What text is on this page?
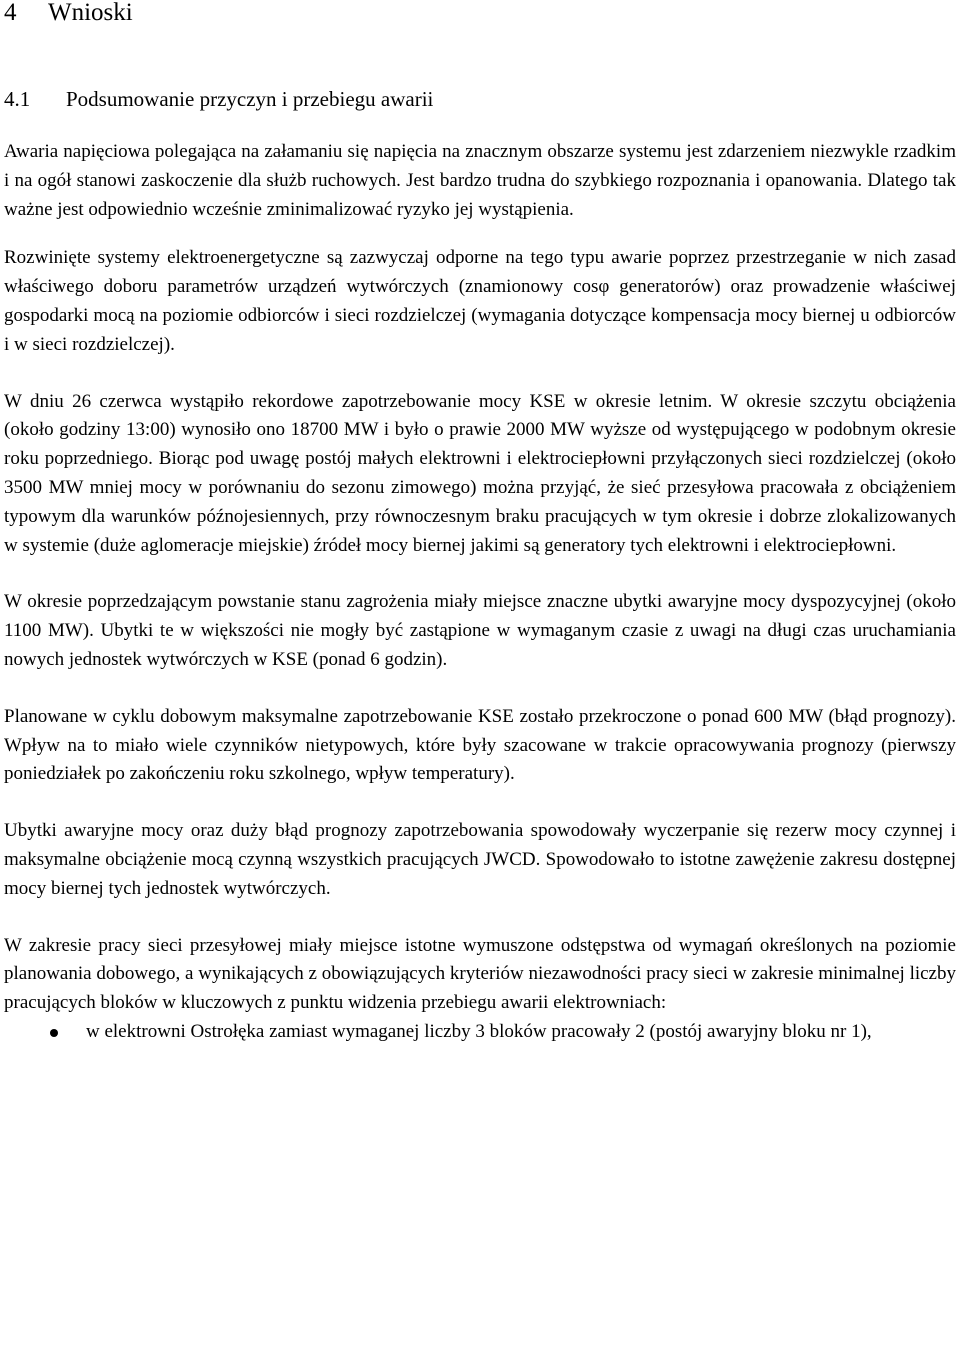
4 Wnioski
4.1 Podsumowanie przyczyn i przebiegu awarii

Awaria napięciowa polegająca na załamaniu się napięcia na znacznym obszarze systemu jest zdarzeniem niezwykle rzadkim i na ogół stanowi zaskoczenie dla służb ruchowych. Jest bardzo trudna do szybkiego rozpoznania i opanowania. Dlatego tak ważne jest odpowiednio wcześnie zminimalizować ryzyko jej wystąpienia.

Rozwinięte systemy elektroenergetyczne są zazwyczaj odporne na tego typu awarie poprzez przestrzeganie w nich zasad właściwego doboru parametrów urządzeń wytwórczych (znamionowy cosφ generatorów) oraz prowadzenie właściwej gospodarki mocą na poziomie odbiorców i sieci rozdzielczej (wymagania dotyczące kompensacja mocy biernej u odbiorców i w sieci rozdzielczej).

W dniu 26 czerwca wystąpiło rekordowe zapotrzebowanie mocy KSE w okresie letnim. W okresie szczytu obciążenia (około godziny 13:00) wynosiło ono 18700 MW i było o prawie 2000 MW wyższe od występującego w podobnym okresie roku poprzedniego. Biorąc pod uwagę postój małych elektrowni i elektrociepłowni przyłączonych sieci rozdzielczej (około 3500 MW mniej mocy w porównaniu do sezonu zimowego) można przyjąć, że sieć przesyłowa pracowała z obciążeniem typowym dla warunków późnojesiennych, przy równoczesnym braku pracujących w tym okresie i dobrze zlokalizowanych w systemie (duże aglomeracje miejskie) źródeł mocy biernej jakimi są generatory tych elektrowni i elektrociepłowni.

W okresie poprzedzającym powstanie stanu zagrożenia miały miejsce znaczne ubytki awaryjne mocy dyspozycyjnej (około 1100 MW). Ubytki te w większości nie mogły być zastąpione w wymaganym czasie z uwagi na długi czas uruchamiania nowych jednostek wytwórczych w KSE (ponad 6 godzin).

Planowane w cyklu dobowym maksymalne zapotrzebowanie KSE zostało przekroczone o ponad 600 MW (błąd prognozy). Wpływ na to miało wiele czynników nietypowych, które były szacowane w trakcie opracowywania prognozy (pierwszy poniedziałek po zakończeniu roku szkolnego, wpływ temperatury).

Ubytki awaryjne mocy oraz duży błąd prognozy zapotrzebowania spowodowały wyczerpanie się rezerw mocy czynnej i maksymalne obciążenie mocą czynną wszystkich pracujących JWCD. Spowodowało to istotne zawężenie zakresu dostępnej mocy biernej tych jednostek wytwórczych.

W zakresie pracy sieci przesyłowej miały miejsce istotne wymuszone odstępstwa od wymagań określonych na poziomie planowania dobowego, a wynikających z obowiązujących kryteriów niezawodności pracy sieci w zakresie minimalnej liczby pracujących bloków w kluczowych z punktu widzenia przebiegu awarii elektrowniach:

w elektrowni Ostrołęka zamiast wymaganej liczby 3 bloków pracowały 2 (postój awaryjny bloku nr 1),
